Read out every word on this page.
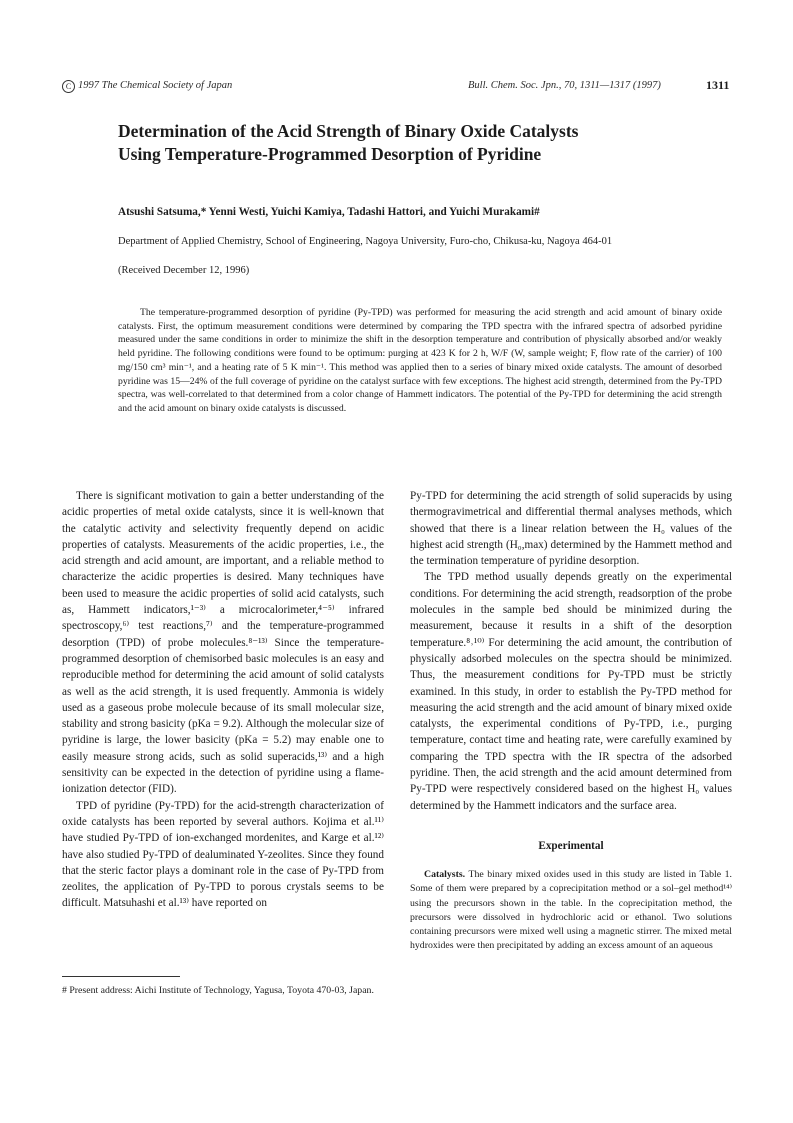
C 1997 The Chemical Society of Japan	Bull. Chem. Soc. Jpn., 70, 1311—1317 (1997)	1311
Determination of the Acid Strength of Binary Oxide Catalysts
Using Temperature-Programmed Desorption of Pyridine
Atsushi Satsuma,* Yenni Westi, Yuichi Kamiya, Tadashi Hattori, and Yuichi Murakami#
Department of Applied Chemistry, School of Engineering, Nagoya University, Furo-cho, Chikusa-ku, Nagoya 464-01
(Received December 12, 1996)

The temperature-programmed desorption of pyridine (Py-TPD) was performed for measuring the acid strength and acid amount of binary oxide catalysts. First, the optimum measurement conditions were determined by comparing the TPD spectra with the infrared spectra of adsorbed pyridine measured under the same conditions in order to minimize the shift in the desorption temperature and contribution of physically absorbed and/or weakly held pyridine. The following conditions were found to be optimum: purging at 423 K for 2 h, W/F (W, sample weight; F, flow rate of the carrier) of 100 mg/150 cm³ min⁻¹, and a heating rate of 5 K min⁻¹. This method was applied then to a series of binary mixed oxide catalysts. The amount of desorbed pyridine was 15—24% of the full coverage of pyridine on the catalyst surface with few exceptions. The highest acid strength, determined from the Py-TPD spectra, was well-correlated to that determined from a color change of Hammett indicators. The potential of the Py-TPD for determining the acid strength and the acid amount on binary oxide catalysts is discussed.

There is significant motivation to gain a better understanding of the acidic properties of metal oxide catalysts, since it is well-known that the catalytic activity and selectivity frequently depend on acidic properties of catalysts. Measurements of the acidic properties, i.e., the acid strength and acid amount, are important, and a reliable method to characterize the acidic properties is desired. Many techniques have been used to measure the acidic properties of solid acid catalysts, such as, Hammett indicators,¹⁻³⁾ a microcalorimeter,⁴⁻⁵⁾ infrared spectroscopy,⁶⁾ test reactions,⁷⁾ and the temperature-programmed desorption (TPD) of probe molecules.⁸⁻¹³⁾ Since the temperature-programmed desorption of chemisorbed basic molecules is an easy and reproducible method for determining the acid amount of solid catalysts as well as the acid strength, it is used frequently. Ammonia is widely used as a gaseous probe molecule because of its small molecular size, stability and strong basicity (pKa = 9.2). Although the molecular size of pyridine is large, the lower basicity (pKa = 5.2) may enable one to easily measure strong acids, such as solid superacids,¹³⁾ and a high sensitivity can be expected in the detection of pyridine using a flame-ionization detector (FID).

TPD of pyridine (Py-TPD) for the acid-strength characterization of oxide catalysts has been reported by several authors. Kojima et al.¹¹⁾ have studied Py-TPD of ion-exchanged mordenites, and Karge et al.¹²⁾ have also studied Py-TPD of dealuminated Y-zeolites. Since they found that the steric factor plays a dominant role in the case of Py-TPD from zeolites, the application of Py-TPD to porous crystals seems to be difficult. Matsuhashi et al.¹³⁾ have reported on

Py-TPD for determining the acid strength of solid superacids by using thermogravimetrical and differential thermal analyses methods, which showed that there is a linear relation between the H₀ values of the highest acid strength (H₀,max) determined by the Hammett method and the termination temperature of pyridine desorption.

The TPD method usually depends greatly on the experimental conditions. For determining the acid strength, readsorption of the probe molecules in the sample bed should be minimized during the measurement, because it results in a shift of the desorption temperature.⁸˒¹⁰⁾ For determining the acid amount, the contribution of physically adsorbed molecules on the spectra should be minimized. Thus, the measurement conditions for Py-TPD must be strictly examined. In this study, in order to establish the Py-TPD method for measuring the acid strength and the acid amount of binary mixed oxide catalysts, the experimental conditions of Py-TPD, i.e., purging temperature, contact time and heating rate, were carefully examined by comparing the TPD spectra with the IR spectra of the adsorbed pyridine. Then, the acid strength and the acid amount determined from Py-TPD were respectively considered based on the highest H₀ values determined by the Hammett indicators and the surface area.

Experimental

Catalysts. The binary mixed oxides used in this study are listed in Table 1. Some of them were prepared by a coprecipitation method or a sol–gel method¹⁴⁾ using the precursors shown in the table. In the coprecipitation method, the precursors were dissolved in hydrochloric acid or ethanol. Two solutions containing precursors were mixed well using a magnetic stirrer. The mixed metal hydroxides were then precipitated by adding an excess amount of an aqueous

# Present address: Aichi Institute of Technology, Yagusa, Toyota 470-03, Japan.
